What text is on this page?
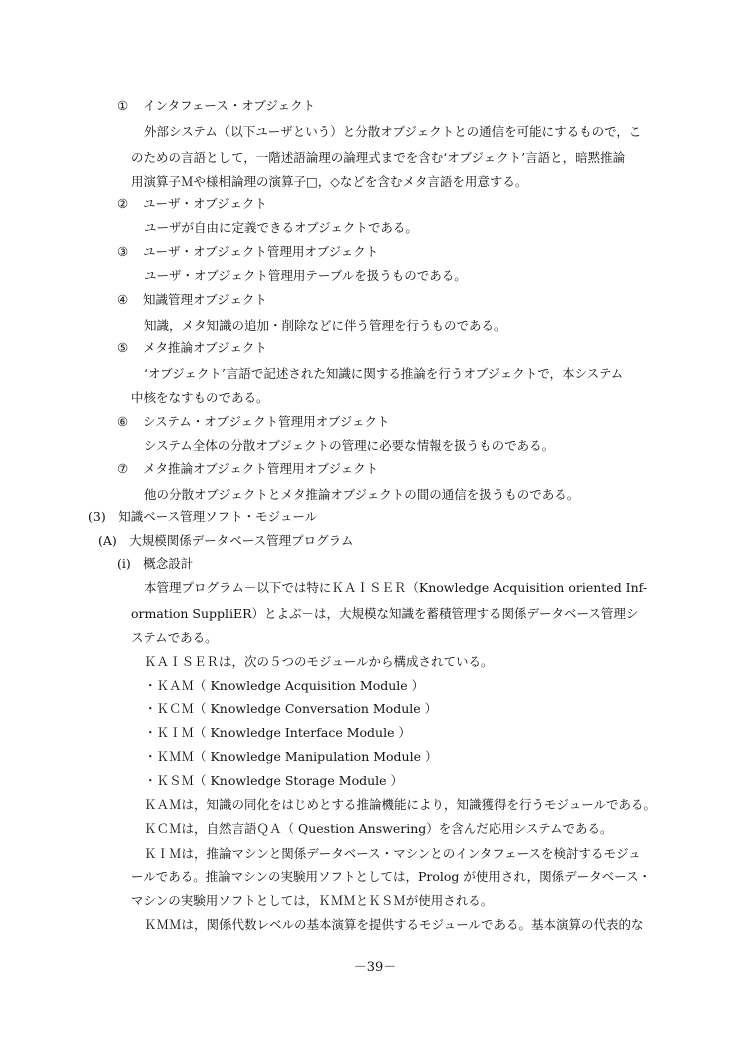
① インタフェース・オブジェクト
外部システム（以下ユーザという）と分散オブジェクトとの通信を可能にするもので，こ
のための言語として，一階述語論理の論理式までを含む‘オブジェクト’言語と，暗黙推論
用演算子Ｍや様相論理の演算子□，◇などを含むメタ言語を用意する。
② ユーザ・オブジェクト
ユーザが自由に定義できるオブジェクトである。
③ ユーザ・オブジェクト管理用オブジェクト
ユーザ・オブジェクト管理用テーブルを扱うものである。
④ 知識管理オブジェクト
知識，メタ知識の追加・削除などに伴う管理を行うものである。
⑤ メタ推論オブジェクト
‘オブジェクト’言語で記述された知識に関する推論を行うオブジェクトで，本システム
中核をなすものである。
⑥ システム・オブジェクト管理用オブジェクト
システム全体の分散オブジェクトの管理に必要な情報を扱うものである。
⑦ メタ推論オブジェクト管理用オブジェクト
他の分散オブジェクトとメタ推論オブジェクトの間の通信を扱うものである。
(3)　知識ベース管理ソフト・モジュール
(A)　大規模関係データベース管理プログラム
(i)　概念設計
本管理プログラム－以下では特にＫＡＩＳＥＲ（Knowledge Acquisition oriented Inf-
ormation SuppliER）とよぶ－は，大規模な知識を蓄積管理する関係データベース管理シ
ステムである。
ＫＡＩＳＥＲは，次の５つのモジュールから構成されている。
・ＫＡＭ（ Knowledge Acquisition Module ）
・ＫＣＭ（ Knowledge Conversation Module ）
・ＫＩＭ（ Knowledge Interface Module ）
・ＫＭＭ（ Knowledge Manipulation Module ）
・ＫＳＭ（ Knowledge Storage Module ）
ＫＡＭは，知識の同化をはじめとする推論機能により，知識獲得を行うモジュールである。
ＫＣＭは，自然言語ＱＡ（ Question Answering）を含んだ応用システムである。
ＫＩＭは，推論マシンと関係データベース・マシンとのインタフェースを検討するモジュ
ールである。推論マシンの実験用ソフトとしては，Prolog が使用され，関係データベース・
マシンの実験用ソフトとしては，ＫＭＭとＫＳＭが使用される。
ＫＭＭは，関係代数レベルの基本演算を提供するモジュールである。基本演算の代表的な
－39－
